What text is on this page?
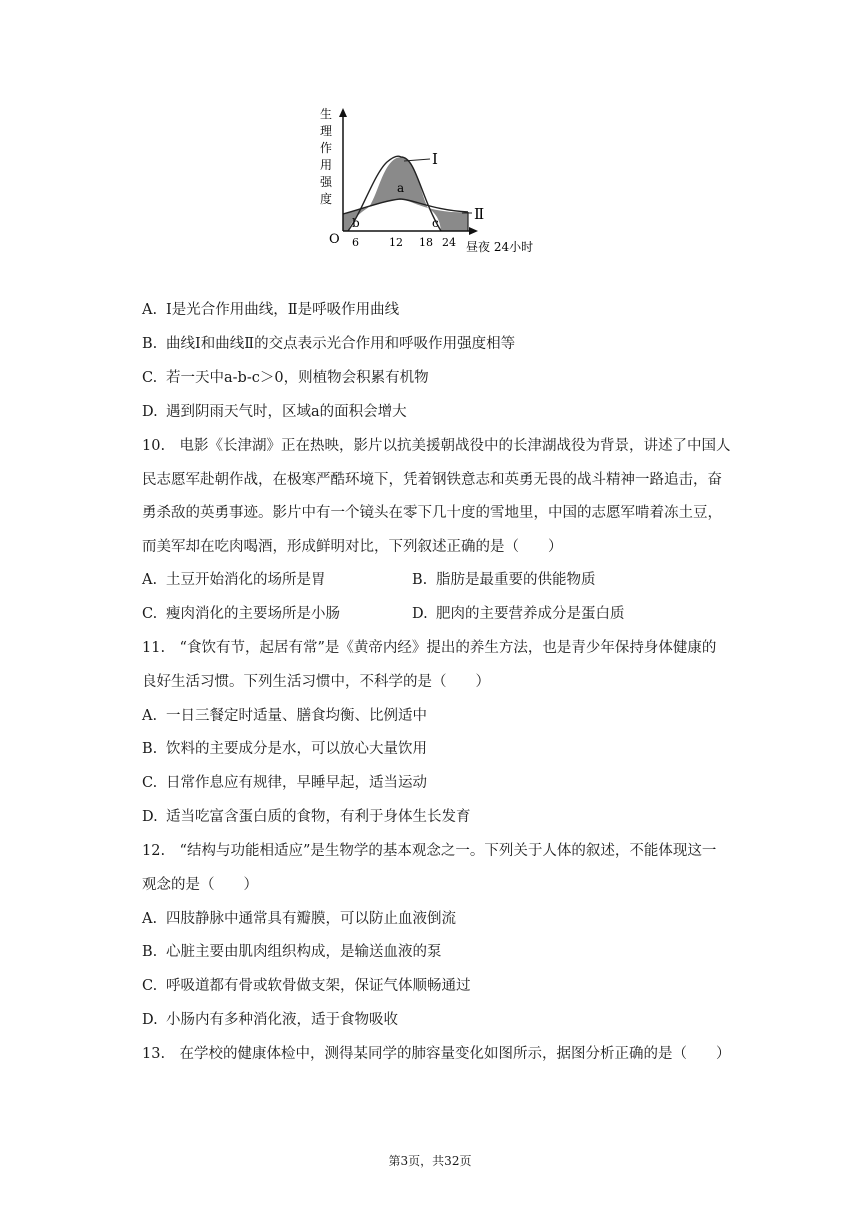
生
理
作
用
强
度
O 6	12 18 24 昼夜 24小时
a
b	c
Ⅰ
Ⅱ
A. Ⅰ是光合作用曲线，Ⅱ是呼吸作用曲线
B. 曲线Ⅰ和曲线Ⅱ的交点表示光合作用和呼吸作用强度相等
C. 若一天中a-b-c＞0，则植物会积累有机物
D. 遇到阴雨天气时，区域a的面积会增大
10.　电影《长津湖》正在热映，影片以抗美援朝战役中的长津湖战役为背景，讲述了中国人
民志愿军赴朝作战，在极寒严酷环境下，凭着钢铁意志和英勇无畏的战斗精神一路追击，奋
勇杀敌的英勇事迹。影片中有一个镜头在零下几十度的雪地里，中国的志愿军啃着冻土豆，
而美军却在吃肉喝酒，形成鲜明对比，下列叙述正确的是（　　）
A. 土豆开始消化的场所是胃	B. 脂肪是最重要的供能物质
C. 瘦肉消化的主要场所是小肠	D. 肥肉的主要营养成分是蛋白质
11.　“食饮有节，起居有常”是《黄帝内经》提出的养生方法，也是青少年保持身体健康的
良好生活习惯。下列生活习惯中，不科学的是（　　）
A. 一日三餐定时适量、膳食均衡、比例适中
B. 饮料的主要成分是水，可以放心大量饮用
C. 日常作息应有规律，早睡早起，适当运动
D. 适当吃富含蛋白质的食物，有利于身体生长发育
12.　“结构与功能相适应”是生物学的基本观念之一。下列关于人体的叙述，不能体现这一
观念的是（　　）
A. 四肢静脉中通常具有瓣膜，可以防止血液倒流
B. 心脏主要由肌肉组织构成，是输送血液的泵
C. 呼吸道都有骨或软骨做支架，保证气体顺畅通过
D. 小肠内有多种消化液，适于食物吸收
13.　在学校的健康体检中，测得某同学的肺容量变化如图所示，据图分析正确的是（　　）
第3页，共32页
